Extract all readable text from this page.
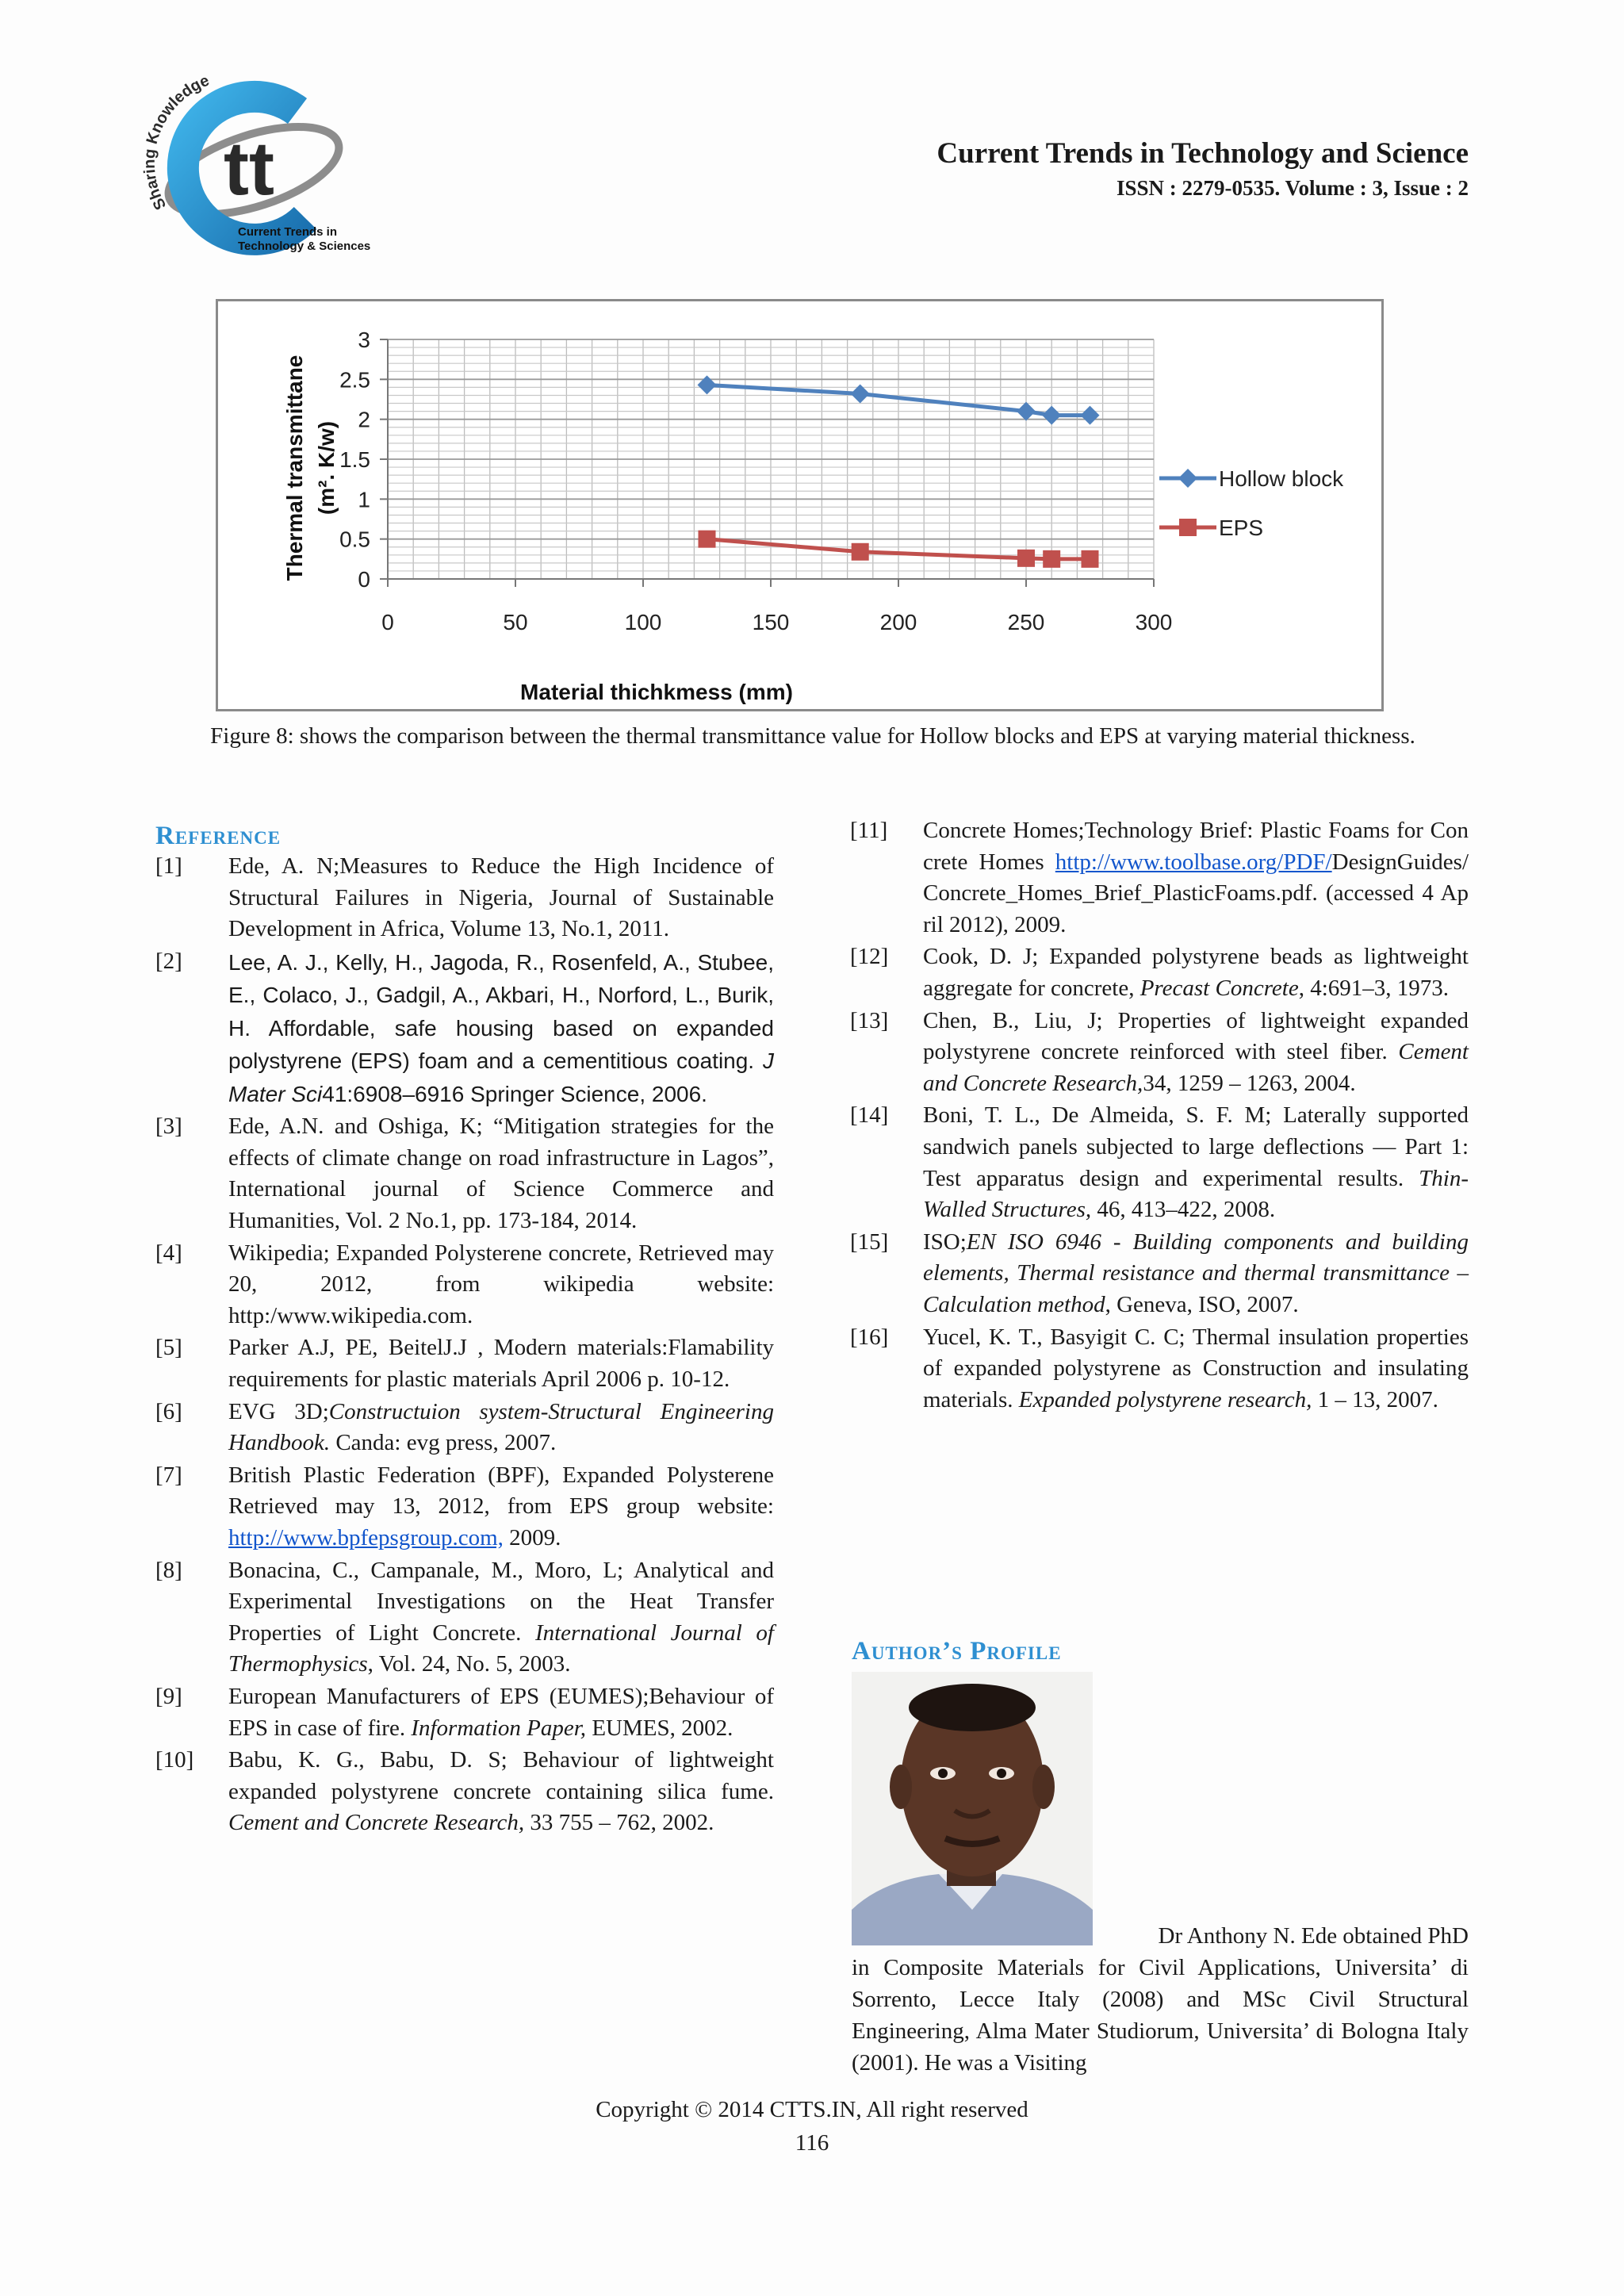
Sharing Knowledge
tt
Current Trends in
Technology & Sciences
Current Trends in Technology and Science
ISSN : 2279-0535. Volume : 3, Issue : 2
0
0.5
1
1.5
2
2.5
3
0	50	100	150	200	250	300
Hollow block
EPS
Thermal transmittane (m². K/w)
Material thichkmess (mm)
Figure 8: shows the comparison between the thermal transmittance value for Hollow blocks and EPS at varying material thickness.
Reference
[1] Ede, A. N;Measures to Reduce the High Incidence of Structural Failures in Nigeria, Journal of Sustainable Development in Africa, Volume 13, No.1, 2011.
[2] Lee, A. J., Kelly, H., Jagoda, R., Rosenfeld, A., Stubee, E., Colaco, J., Gadgil, A., Akbari, H., Norford, L., Burik, H. Affordable, safe housing based on expanded polystyrene (EPS) foam and a cementitious coating. J Mater Sci41:6908–6916 Springer Science, 2006.
[3] Ede, A.N. and Oshiga, K; “Mitigation strategies for the effects of climate change on road infrastructure in Lagos”, International journal of Science Commerce and Humanities, Vol. 2 No.1, pp. 173-184, 2014.
[4] Wikipedia; Expanded Polysterene concrete, Retrieved may 20, 2012, from wikipedia website: http:/www.wikipedia.com.
[5] Parker A.J, PE, BeitelJ.J , Modern materials:Flamability requirements for plastic materials April 2006 p. 10-12.
[6] EVG 3D;Constructuion system-Structural Engineering Handbook. Canda: evg press, 2007.
[7] British Plastic Federation (BPF), Expanded Polysterene Retrieved may 13, 2012, from EPS group website: http://www.bpfepsgroup.com, 2009.
[8] Bonacina, C., Campanale, M., Moro, L; Analytical and Experimental Investigations on the Heat Transfer Properties of Light Concrete. International Journal of Thermophysics, Vol. 24, No. 5, 2003.
[9] European Manufacturers of EPS (EUMES);Behaviour of EPS in case of fire. Information Paper, EUMES, 2002.
[10] Babu, K. G., Babu, D. S; Behaviour of lightweight expanded polystyrene concrete containing silica fume. Cement and Concrete Research, 33 755 – 762, 2002.
[11] Concrete Homes;Technology Brief: Plastic Foams for Concrete Homes http://www.toolbase.org/PDF/DesignGuides/Concrete_Homes_Brief_PlasticFoams.pdf. (accessed 4 April 2012), 2009.
[12] Cook, D. J; Expanded polystyrene beads as lightweight aggregate for concrete, Precast Concrete, 4:691–3, 1973.
[13] Chen, B., Liu, J; Properties of lightweight expanded polystyrene concrete reinforced with steel fiber. Cement and Concrete Research,34, 1259 – 1263, 2004.
[14] Boni, T. L., De Almeida, S. F. M; Laterally supported sandwich panels subjected to large deflections — Part 1: Test apparatus design and experimental results. Thin-Walled Structures, 46, 413–422, 2008.
[15] ISO;EN ISO 6946 - Building components and building elements, Thermal resistance and thermal transmittance – Calculation method, Geneva, ISO, 2007.
[16] Yucel, K. T., Basyigit C. C; Thermal insulation properties of expanded polystyrene as Construction and insulating materials. Expanded polystyrene research, 1 – 13, 2007.
Author’s Profile
Dr Anthony N. Ede obtained PhD
in Composite Materials for Civil Applications, Universita’ di Sorrento, Lecce Italy (2008) and MSc Civil Structural Engineering, Alma Mater Studiorum, Universita’ di Bologna Italy (2001). He was a Visiting
Copyright © 2014 CTTS.IN, All right reserved
116
